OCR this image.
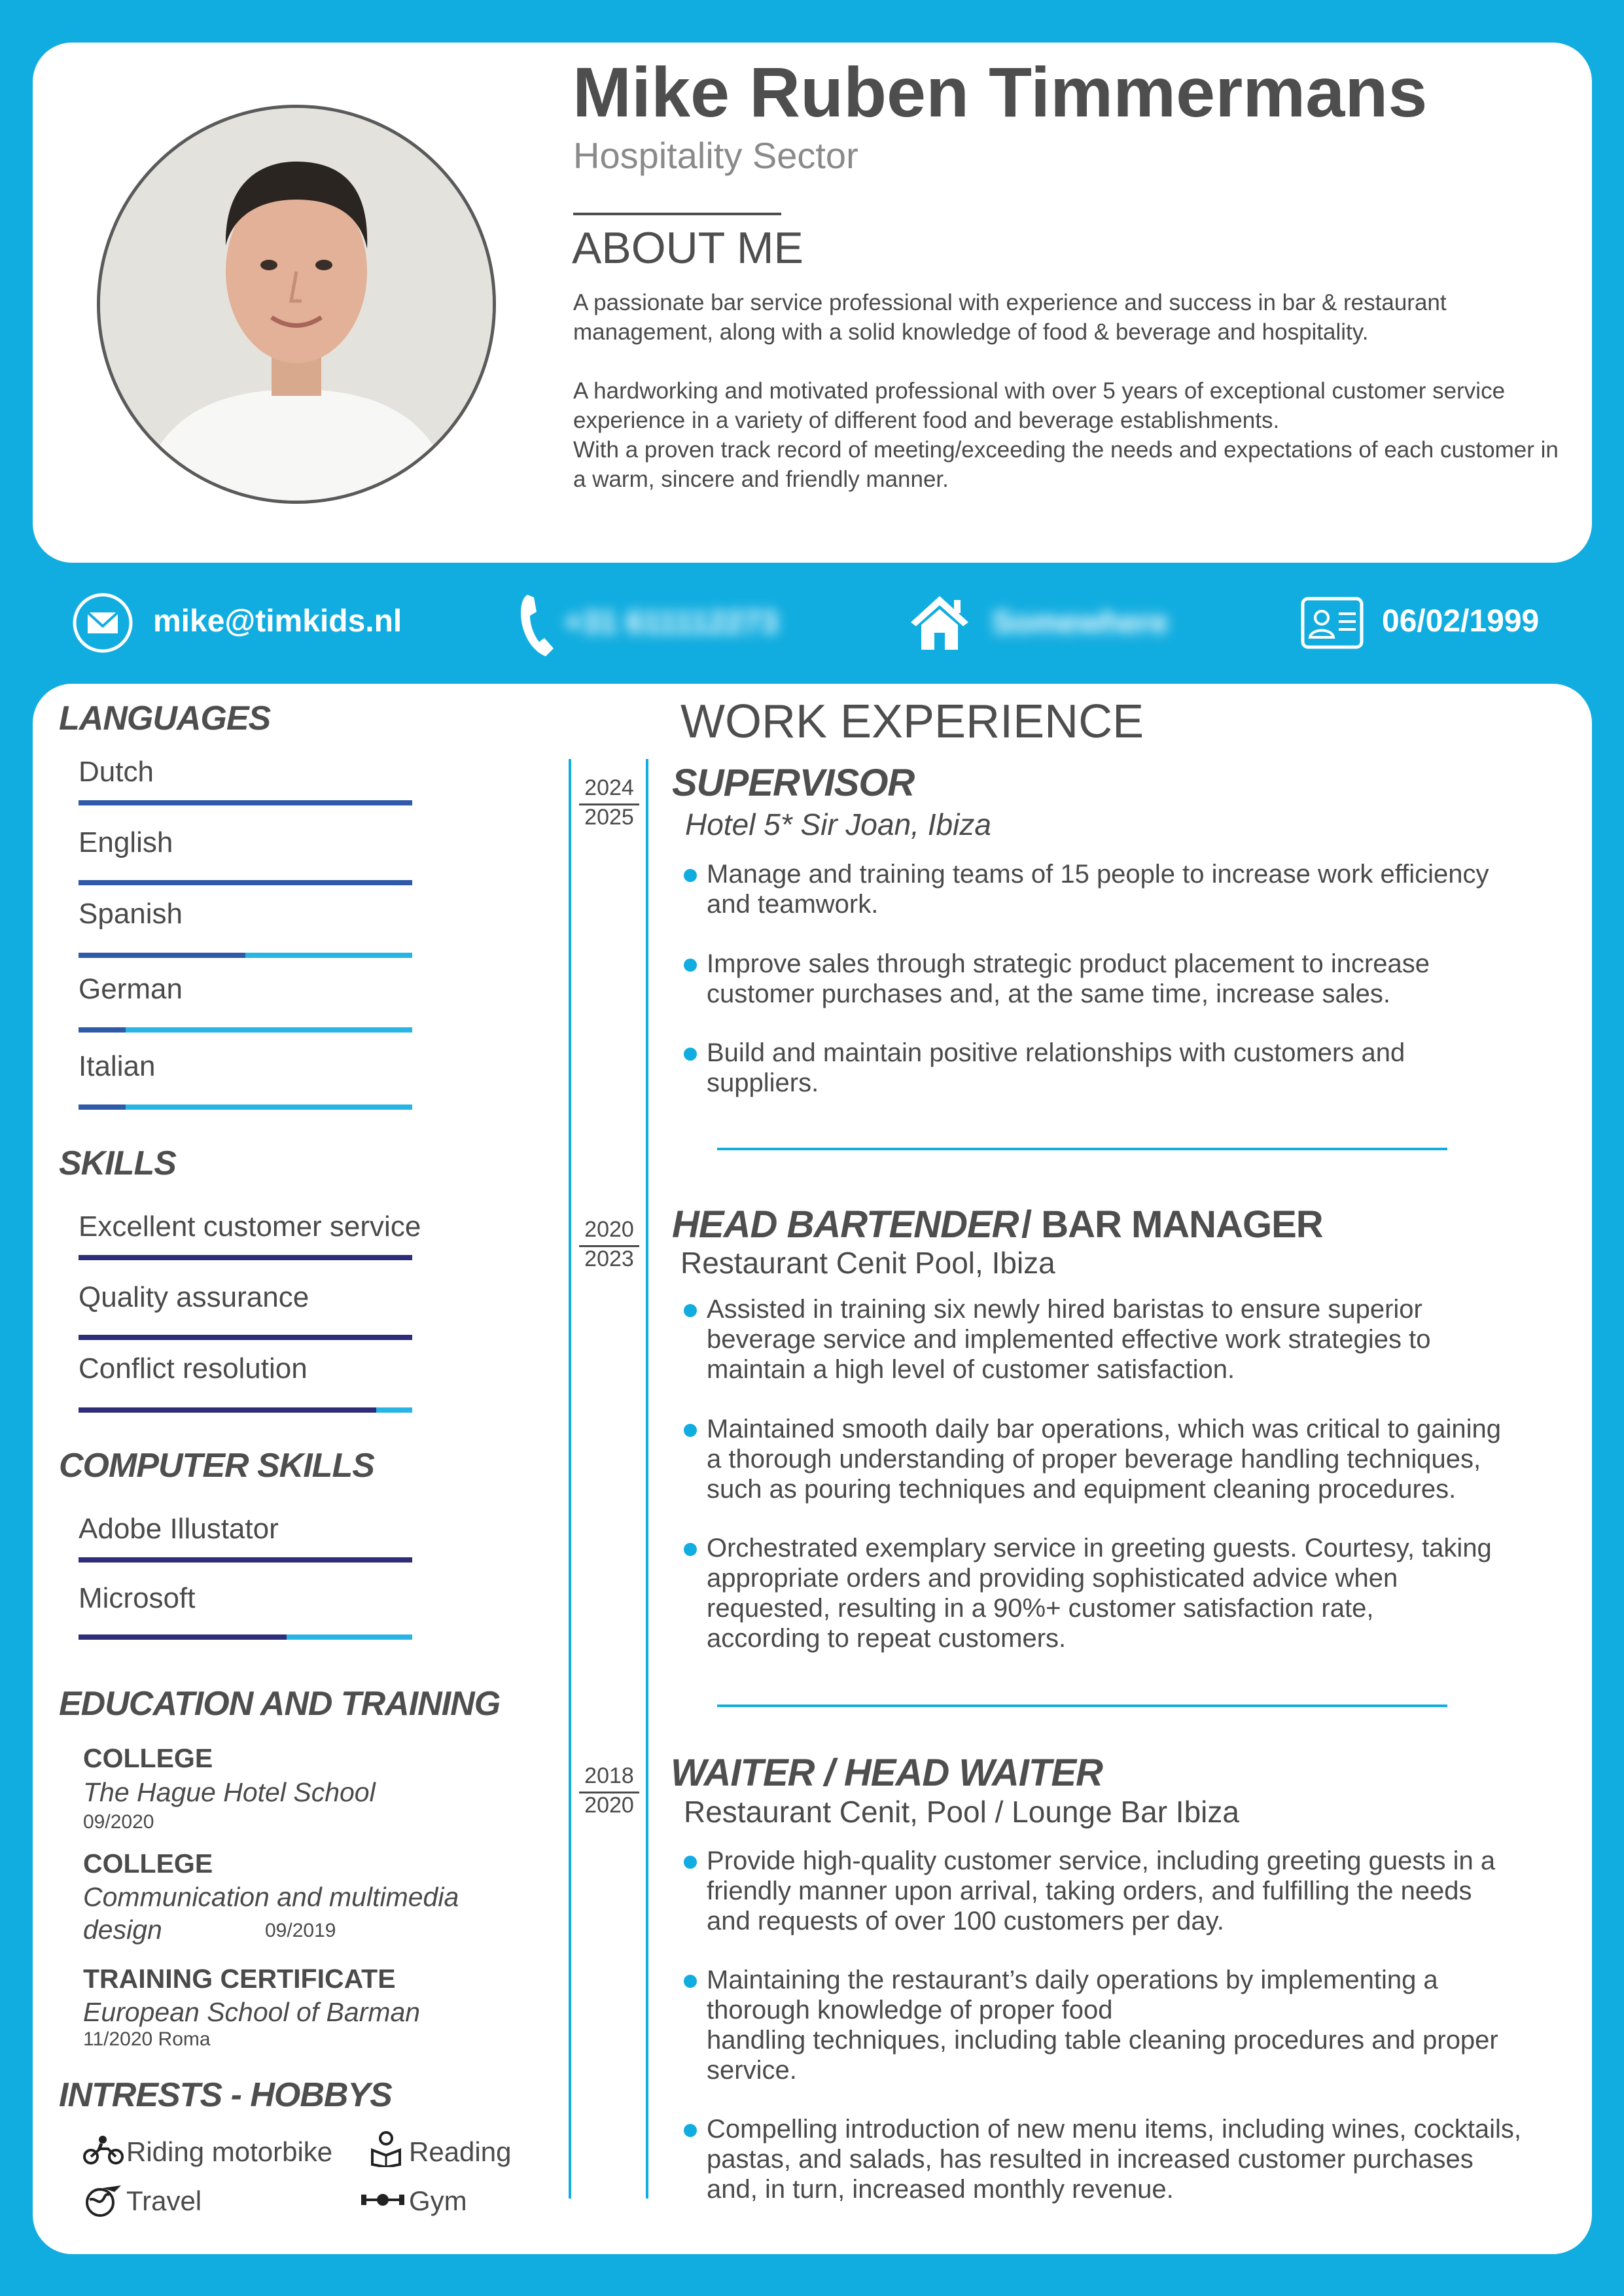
Mike Ruben Timmermans
Hospitality Sector
ABOUT ME
A passionate bar service professional with experience and success in bar & restaurant management, along with a solid knowledge of food & beverage and hospitality.

A hardworking and motivated professional with over 5 years of exceptional customer service experience in a variety of different food and beverage establishments.
With a proven track record of meeting/exceeding the needs and expectations of each customer in a warm, sincere and friendly manner.
mike@timkids.nl	+31 611112273	Somewhere	06/02/1999
LANGUAGES
Dutch
English
Spanish
German
Italian
SKILLS
Excellent customer service
Quality assurance
Conflict resolution
COMPUTER SKILLS
Adobe Illustator
Microsoft
EDUCATION AND TRAINING
COLLEGE
The Hague Hotel School
09/2020
COLLEGE
Communication and multimedia
design	09/2019
TRAINING CERTIFICATE
European School of Barman
11/2020 Roma
INTRESTS - HOBBYS
Riding motorbike	Reading
Travel	Gym
WORK EXPERIENCE
2024
2025
SUPERVISOR
Hotel 5* Sir Joan, Ibiza
Manage and training teams of 15 people to increase work efficiency
and teamwork.
Improve sales through strategic product placement to increase
customer purchases and, at the same time, increase sales.
Build and maintain positive relationships with customers and
suppliers.
2020
2023
HEAD BARTENDER / BAR MANAGER
Restaurant Cenit Pool, Ibiza
Assisted in training six newly hired baristas to ensure superior
beverage service and implemented effective work strategies to
maintain a high level of customer satisfaction.
Maintained smooth daily bar operations, which was critical to gaining
a thorough understanding of proper beverage handling techniques,
such as pouring techniques and equipment cleaning procedures.
Orchestrated exemplary service in greeting guests. Courtesy, taking
appropriate orders and providing sophisticated advice when
requested, resulting in a 90%+ customer satisfaction rate,
according to repeat customers.
2018
2020
WAITER / HEAD WAITER
Restaurant Cenit, Pool / Lounge Bar Ibiza
Provide high-quality customer service, including greeting guests in a
friendly manner upon arrival, taking orders, and fulfilling the needs
and requests of over 100 customers per day.
Maintaining the restaurant’s daily operations by implementing a
thorough knowledge of proper food
handling techniques, including table cleaning procedures and proper
service.
Compelling introduction of new menu items, including wines, cocktails,
pastas, and salads, has resulted in increased customer purchases
and, in turn, increased monthly revenue.
